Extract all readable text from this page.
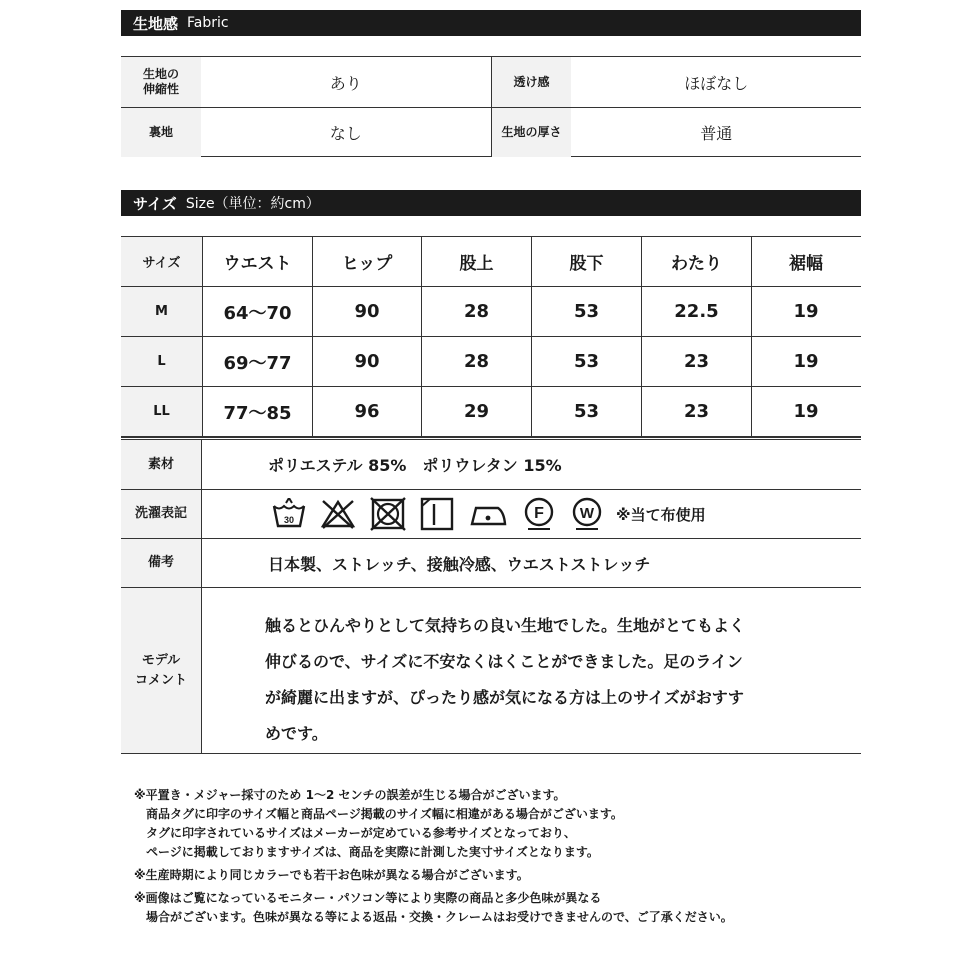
生地感 Fabric
生地の
伸縮性	あり	透け感	ほぼなし
裏地	なし	生地の厚さ	普通
サイズ Size（単位：約cm）
サイズ	ウエスト	ヒップ	股上	股下	わたり	裾幅
M	64〜70	90	28	53	22.5	19
L	69〜77	90	28	53	23	19
LL	77〜85	96	29	53	23	19
素材	ポリエステル 85%　ポリウレタン 15%
洗濯表記	30	F W ※当て布使用
備考	日本製、ストレッチ、接触冷感、ウエストストレッチ
モデル
コメント
触るとひんやりとして気持ちの良い生地でした。生地がとてもよく
伸びるので、サイズに不安なくはくことができました。足のライン
が綺麗に出ますが、ぴったり感が気になる方は上のサイズがおすす
めです。
※平置き・メジャー採寸のため 1〜2 センチの誤差が生じる場合がございます。
　商品タグに印字のサイズ幅と商品ページ掲載のサイズ幅に相違がある場合がございます。
　タグに印字されているサイズはメーカーが定めている参考サイズとなっており、
　ページに掲載しておりますサイズは、商品を実際に計測した実寸サイズとなります。
※生産時期により同じカラーでも若干お色味が異なる場合がございます。
※画像はご覧になっているモニター・パソコン等により実際の商品と多少色味が異なる
　場合がございます。色味が異なる等による返品・交換・クレームはお受けできませんので、ご了承ください。
